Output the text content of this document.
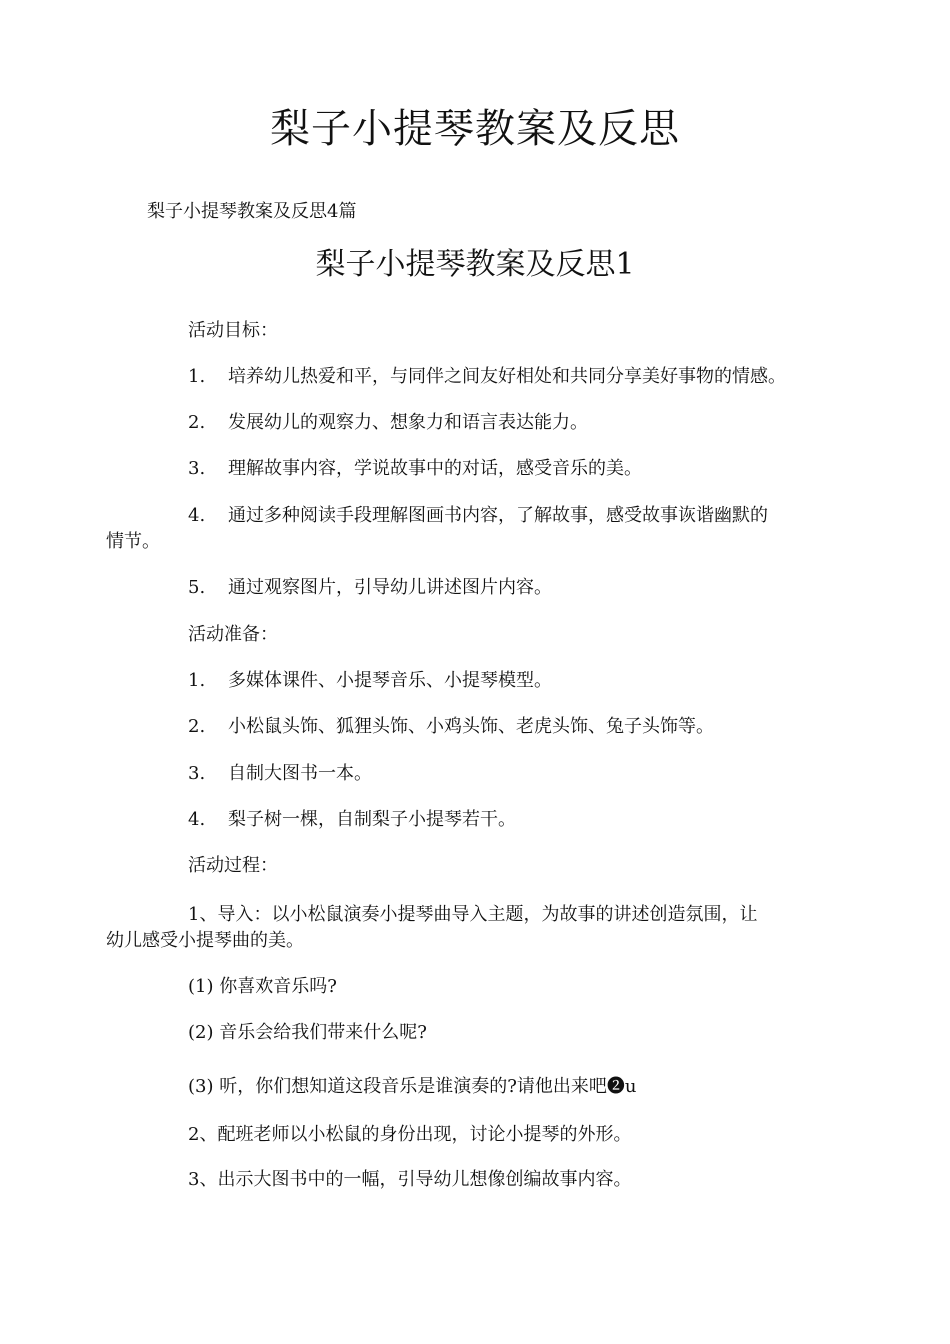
梨子小提琴教案及反思
梨子小提琴教案及反思4篇
梨子小提琴教案及反思1
活动目标：
1. 培养幼儿热爱和平，与同伴之间友好相处和共同分享美好事物的情感。
2. 发展幼儿的观察力、想象力和语言表达能力。
3. 理解故事内容，学说故事中的对话，感受音乐的美。
4. 通过多种阅读手段理解图画书内容，了解故事，感受故事诙谐幽默的
情节。
5. 通过观察图片，引导幼儿讲述图片内容。
活动准备：
1. 多媒体课件、小提琴音乐、小提琴模型。
2. 小松鼠头饰、狐狸头饰、小鸡头饰、老虎头饰、兔子头饰等。
3. 自制大图书一本。
4. 梨子树一棵，自制梨子小提琴若干。
活动过程：
1、导入：以小松鼠演奏小提琴曲导入主题，为故事的讲述创造氛围，让
幼儿感受小提琴曲的美。
(1) 你喜欢音乐吗?
(2) 音乐会给我们带来什么呢?
(3) 听，你们想知道这段音乐是谁演奏的?请他出来吧❷u
2、配班老师以小松鼠的身份出现，讨论小提琴的外形。
3、出示大图书中的一幅，引导幼儿想像创编故事内容。
